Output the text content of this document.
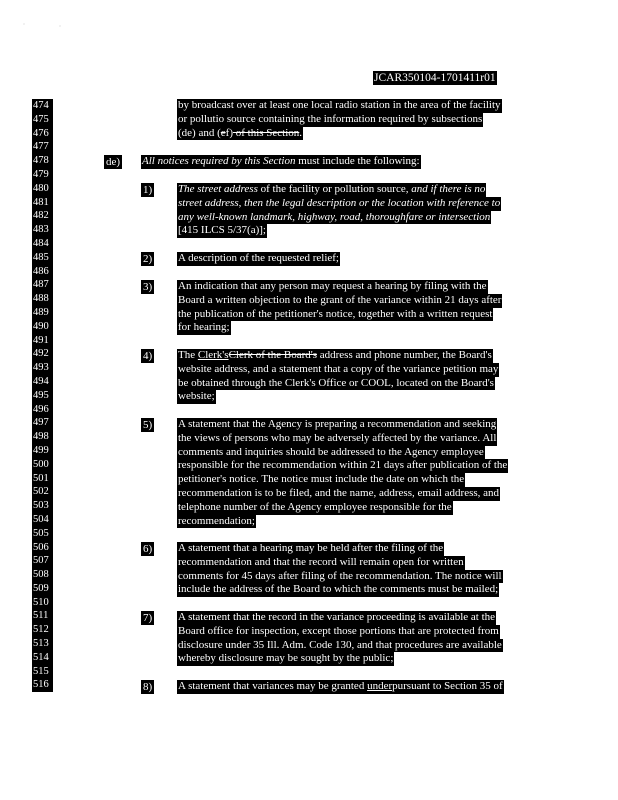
JCAR350104-1701411r01
474
475
476
477
478
479
480
481
482
483
484
485
486
487
488
489
490
491
492
493
494
495
496
497
498
499
500
501
502
503
504
505
506
507
508
509
510
511
512
513
514
515
516
by broadcast over at least one local radio station in the area of the facility
or pollutio source containing the information required by subsections
(de) and (ef) of this Section.
de) All notices required by this Section must include the following:
1) The street address of the facility or pollution source, and if there is no
street address, then the legal description or the location with reference to
any well-known landmark, highway, road, thoroughfare or intersection
[415 ILCS 5/37(a)];
2) A description of the requested relief;
3) An indication that any person may request a hearing by filing with the
Board a written objection to the grant of the variance within 21 days after
the publication of the petitioner's notice, together with a written request
for hearing;
4) The Clerk'sClerk of the Board's address and phone number, the Board's
website address, and a statement that a copy of the variance petition may
be obtained through the Clerk's Office or COOL, located on the Board's
website;
5) A statement that the Agency is preparing a recommendation and seeking
the views of persons who may be adversely affected by the variance. All
comments and inquiries should be addressed to the Agency employee
responsible for the recommendation within 21 days after publication of the
petitioner's notice. The notice must include the date on which the
recommendation is to be filed, and the name, address, email address, and
telephone number of the Agency employee responsible for the
recommendation;
6) A statement that a hearing may be held after the filing of the
recommendation and that the record will remain open for written
comments for 45 days after filing of the recommendation. The notice will
include the address of the Board to which the comments must be mailed;
7) A statement that the record in the variance proceeding is available at the
Board office for inspection, except those portions that are protected from
disclosure under 35 Ill. Adm. Code 130, and that procedures are available
whereby disclosure may be sought by the public;
8) A statement that variances may be granted underpursuant to Section 35 of
